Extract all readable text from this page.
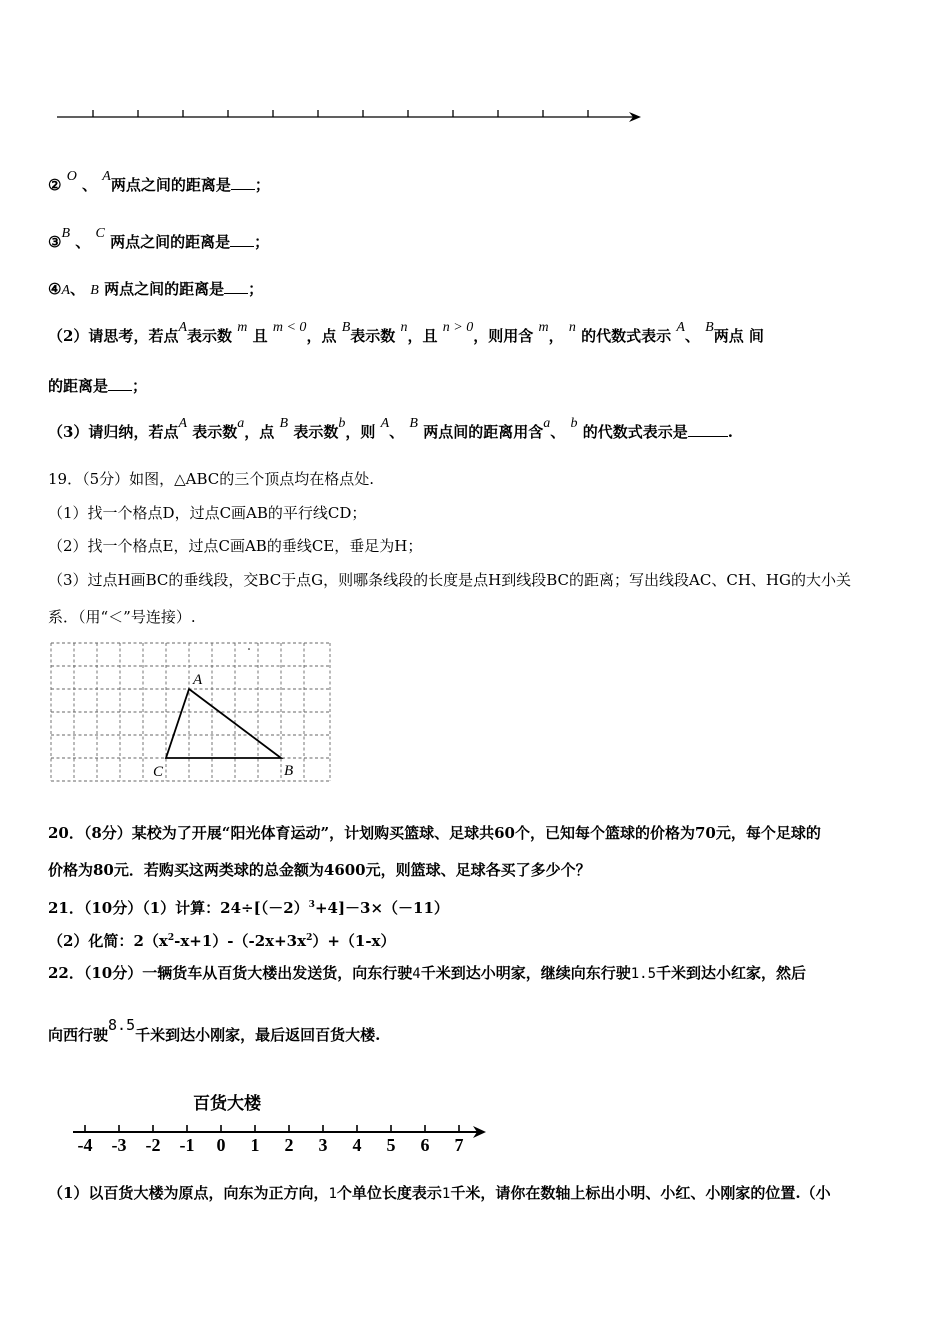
② O 、 A两点之间的距离是 ；
③B 、 C 两点之间的距离是 ；
④A、 B 两点之间的距离是 ；
（2）请思考，若点A表示数 m 且 m < 0，点 B表示数 n，且 n > 0，则用含 m， n 的代数式表示 A、 B两点 间
的距离是 ；
（3）请归纳，若点A 表示数a，点 B 表示数b，则 A、 B 两点间的距离用含a、 b 的代数式表示是	.
19．（5分）如图，△ABC的三个顶点均在格点处.
（1）找一个格点D，过点C画AB的平行线CD；
（2）找一个格点E，过点C画AB的垂线CE，垂足为H；
（3）过点H画BC的垂线段，交BC于点G，则哪条线段的长度是点H到线段BC的距离；写出线段AC、CH、HG的大小关
系．（用“＜”号连接）.
A
C	B
20．（8分）某校为了开展“阳光体育运动”，计划购买篮球、足球共60个，已知每个篮球的价格为70元，每个足球的
价格为80元．若购买这两类球的总金额为4600元，则篮球、足球各买了多少个？
21．（10分）（1）计算：$24\div[(-2)^3+4]-3\times(-11)$
（2）化简：$2(x^2-x+1)-(-2x+3x^2)+(1-x)$
22．（10分）一辆货车从百货大楼出发送货，向东行驶4千米到达小明家，继续向东行驶1.5千米到达小红家，然后
向西行驶8.5千米到达小刚家，最后返回百货大楼.
百货大楼
-4 -3 -2 -1 0 1 2 3 4 5 6 7
（1）以百货大楼为原点，向东为正方向，1个单位长度表示1千米，请你在数轴上标出小明、小红、小刚家的位置.（小
